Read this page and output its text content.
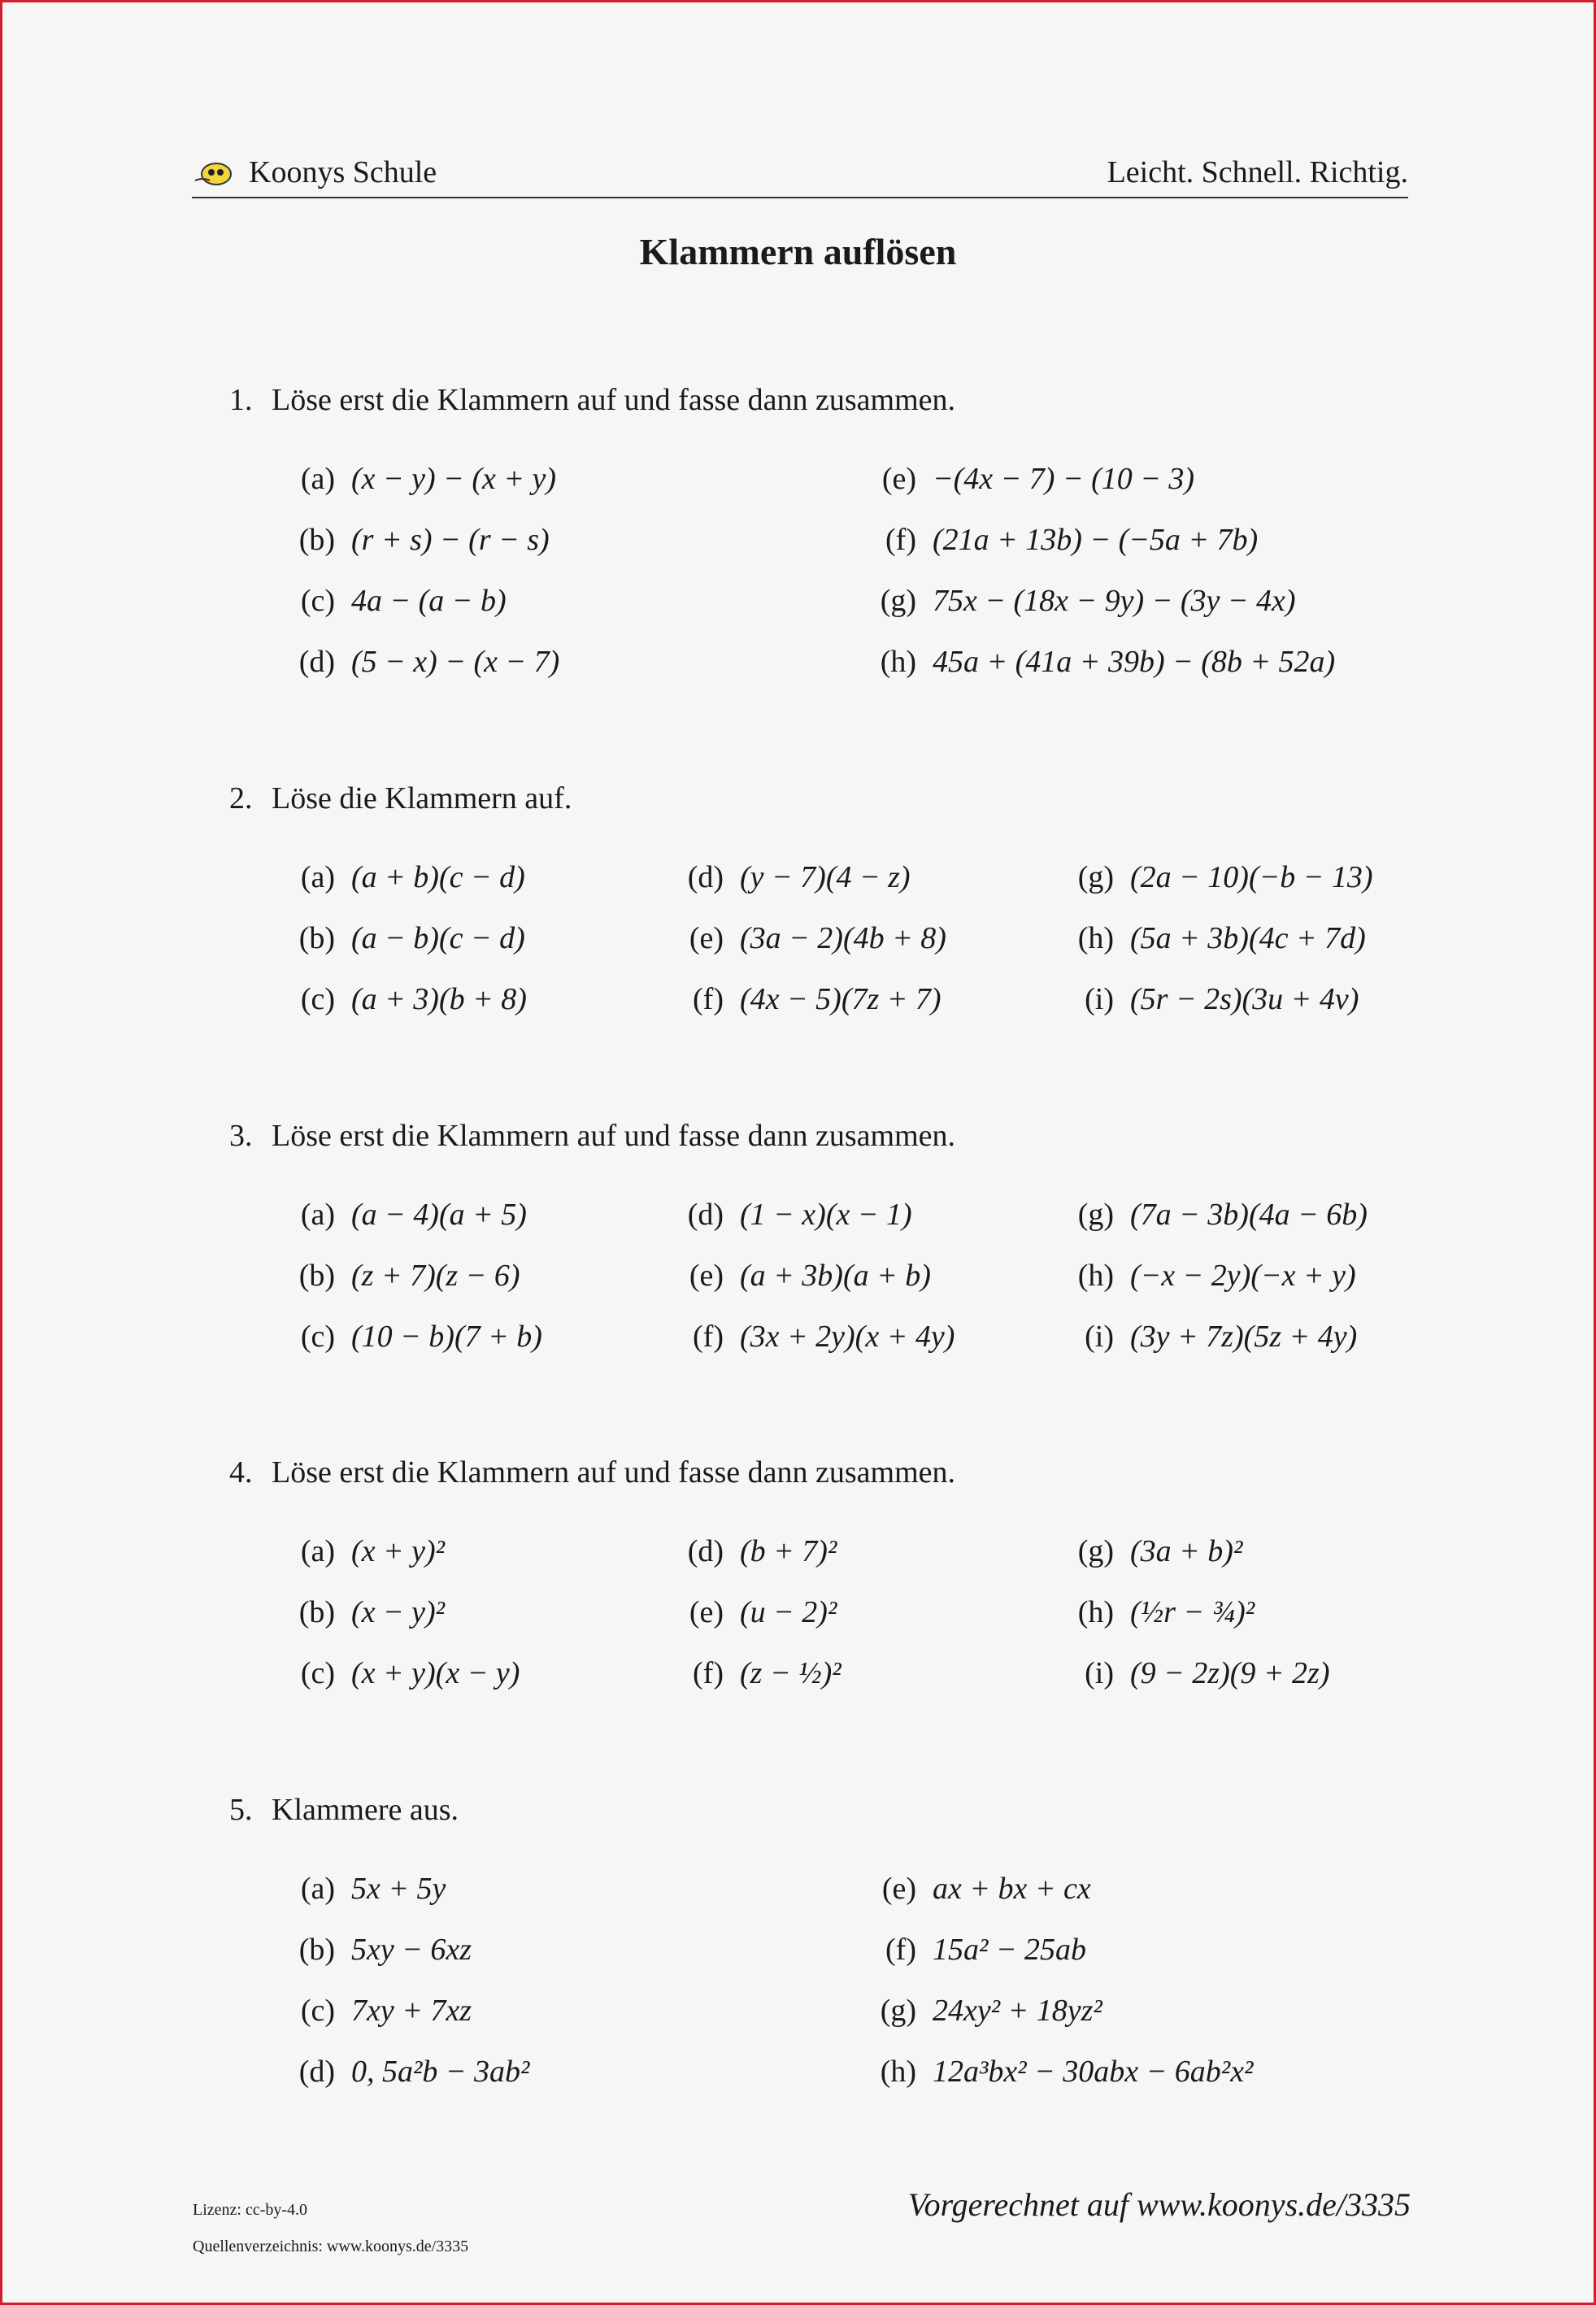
Koonys Schule	Leicht. Schnell. Richtig.
Klammern auflösen
1. Löse erst die Klammern auf und fasse dann zusammen.
(a) (x − y) − (x + y)
(b) (r + s) − (r − s)
(c) 4a − (a − b)
(d) (5 − x) − (x − 7)
(e) −(4x − 7) − (10 − 3)
(f) (21a + 13b) − (−5a + 7b)
(g) 75x − (18x − 9y) − (3y − 4x)
(h) 45a + (41a + 39b) − (8b + 52a)
2. Löse die Klammern auf.
(a) (a + b)(c − d)
(b) (a − b)(c − d)
(c) (a + 3)(b + 8)
(d) (y − 7)(4 − z)
(e) (3a − 2)(4b + 8)
(f) (4x − 5)(7z + 7)
(g) (2a − 10)(−b − 13)
(h) (5a + 3b)(4c + 7d)
(i) (5r − 2s)(3u + 4v)
3. Löse erst die Klammern auf und fasse dann zusammen.
(a) (a − 4)(a + 5)
(b) (z + 7)(z − 6)
(c) (10 − b)(7 + b)
(d) (1 − x)(x − 1)
(e) (a + 3b)(a + b)
(f) (3x + 2y)(x + 4y)
(g) (7a − 3b)(4a − 6b)
(h) (−x − 2y)(−x + y)
(i) (3y + 7z)(5z + 4y)
4. Löse erst die Klammern auf und fasse dann zusammen.
(a) (x + y)²
(b) (x − y)²
(c) (x + y)(x − y)
(d) (b + 7)²
(e) (u − 2)²
(f) (z − ½)²
(g) (3a + b)²
(h) (½r − ¾)²
(i) (9 − 2z)(9 + 2z)
5. Klammere aus.
(a) 5x + 5y
(b) 5xy − 6xz
(c) 7xy + 7xz
(d) 0, 5a²b − 3ab²
(e) ax + bx + cx
(f) 15a² − 25ab
(g) 24xy² + 18yz²
(h) 12a³bx² − 30abx − 6ab²x²
Lizenz: cc-by-4.0
Quellenverzeichnis: www.koonys.de/3335
Vorgerechnet auf www.koonys.de/3335
